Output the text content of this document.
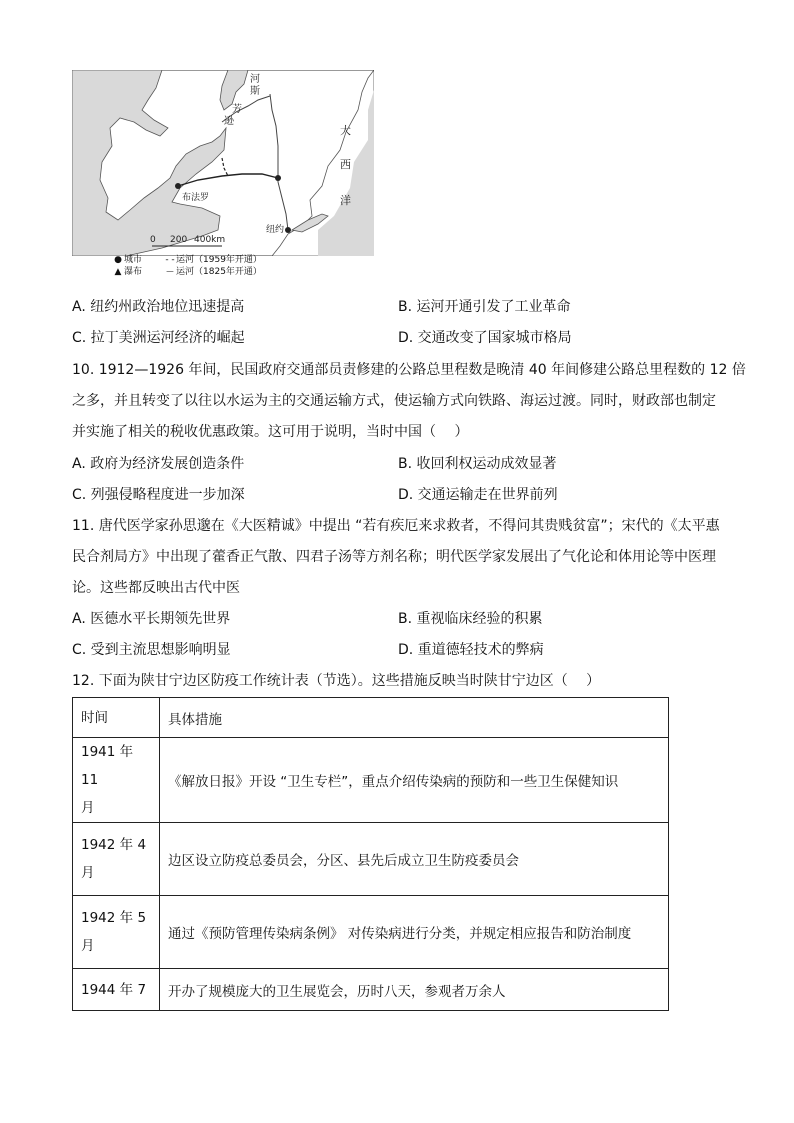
河
斯
芳
逊
大
西
洋
布法罗
纽约
0 200 400km
● 城市	- - 运河（1959年开通）
▲ 瀑布	⏤ 运河（1825年开通）
A. 纽约州政治地位迅速提高	B. 运河开通引发了工业革命
C. 拉丁美洲运河经济的崛起	D. 交通改变了国家城市格局
10. 1912—1926 年间，民国政府交通部员责修建的公路总里程数是晚清 40 年间修建公路总里程数的 12 倍
之多，并且转变了以往以水运为主的交通运输方式，使运输方式向铁路、海运过渡。同时，财政部也制定
并实施了相关的税收优惠政策。这可用于说明，当时中国（　 ）
A. 政府为经济发展创造条件	B. 收回利权运动成效显著
C. 列强侵略程度进一步加深	D. 交通运输走在世界前列
11. 唐代医学家孙思邈在《大医精诚》中提出 “若有疾厄来求救者，不得问其贵贱贫富”；宋代的《太平惠
民合剂局方》中出现了藿香正气散、四君子汤等方剂名称；明代医学家发展出了气化论和体用论等中医理
论。这些都反映出古代中医
A. 医德水平长期领先世界	B. 重视临床经验的积累
C. 受到主流思想影响明显	D. 重道德轻技术的弊病
12. 下面为陕甘宁边区防疫工作统计表（节选）。这些措施反映当时陕甘宁边区（　 ）
时间	具体措施

1941 年 11
月	《解放日报》开设 “卫生专栏”，重点介绍传染病的预防和一些卫生保健知识

1942 年 4
月	边区设立防疫总委员会，分区、县先后成立卫生防疫委员会

1942 年 5
月	通过《预防管理传染病条例》 对传染病进行分类，并规定相应报告和防治制度

1944 年 7	开办了规模庞大的卫生展览会，历时八天，参观者万余人
